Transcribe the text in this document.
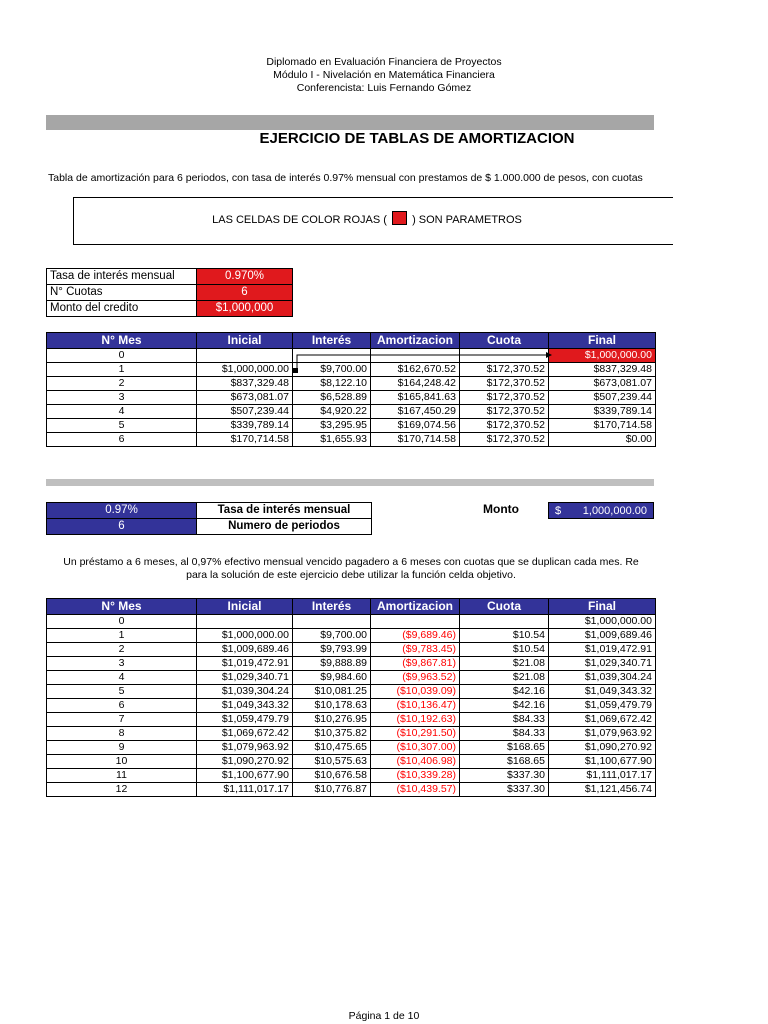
Diplomado en Evaluación Financiera de Proyectos
Módulo I - Nivelación en Matemática Financiera
Conferencista: Luis Fernando Gómez
EJERCICIO DE TABLAS DE AMORTIZACION
Tabla de amortización para 6 periodos, con tasa de interés 0.97% mensual con prestamos de $ 1.000.000 de pesos, con cuotas
LAS CELDAS DE COLOR ROJAS ( ) SON PARAMETROS
Tasa de interés mensual	0.970%
N° Cuotas	6
Monto del credito	$1,000,000
N° Mes	Inicial	Interés	Amortizacion	Cuota	Final
0					$1,000,000.00
1	$1,000,000.00	$9,700.00	$162,670.52	$172,370.52	$837,329.48
2	$837,329.48	$8,122.10	$164,248.42	$172,370.52	$673,081.07
3	$673,081.07	$6,528.89	$165,841.63	$172,370.52	$507,239.44
4	$507,239.44	$4,920.22	$167,450.29	$172,370.52	$339,789.14
5	$339,789.14	$3,295.95	$169,074.56	$172,370.52	$170,714.58
6	$170,714.58	$1,655.93	$170,714.58	$172,370.52	$0.00
0.97%	Tasa de interés mensual
6	Numero de periodos
Monto	$ 1,000,000.00
Un préstamo a 6 meses, al 0,97% efectivo mensual vencido pagadero a 6 meses con cuotas que se duplican cada mes. Re
para la solución de este ejercicio debe utilizar la función celda objetivo.
N° Mes	Inicial	Interés	Amortizacion	Cuota	Final
0					$1,000,000.00
1	$1,000,000.00	$9,700.00	($9,689.46)	$10.54	$1,009,689.46
2	$1,009,689.46	$9,793.99	($9,783.45)	$10.54	$1,019,472.91
3	$1,019,472.91	$9,888.89	($9,867.81)	$21.08	$1,029,340.71
4	$1,029,340.71	$9,984.60	($9,963.52)	$21.08	$1,039,304.24
5	$1,039,304.24	$10,081.25	($10,039.09)	$42.16	$1,049,343.32
6	$1,049,343.32	$10,178.63	($10,136.47)	$42.16	$1,059,479.79
7	$1,059,479.79	$10,276.95	($10,192.63)	$84.33	$1,069,672.42
8	$1,069,672.42	$10,375.82	($10,291.50)	$84.33	$1,079,963.92
9	$1,079,963.92	$10,475.65	($10,307.00)	$168.65	$1,090,270.92
10	$1,090,270.92	$10,575.63	($10,406.98)	$168.65	$1,100,677.90
11	$1,100,677.90	$10,676.58	($10,339.28)	$337.30	$1,111,017.17
12	$1,111,017.17	$10,776.87	($10,439.57)	$337.30	$1,121,456.74
Página 1 de 10
